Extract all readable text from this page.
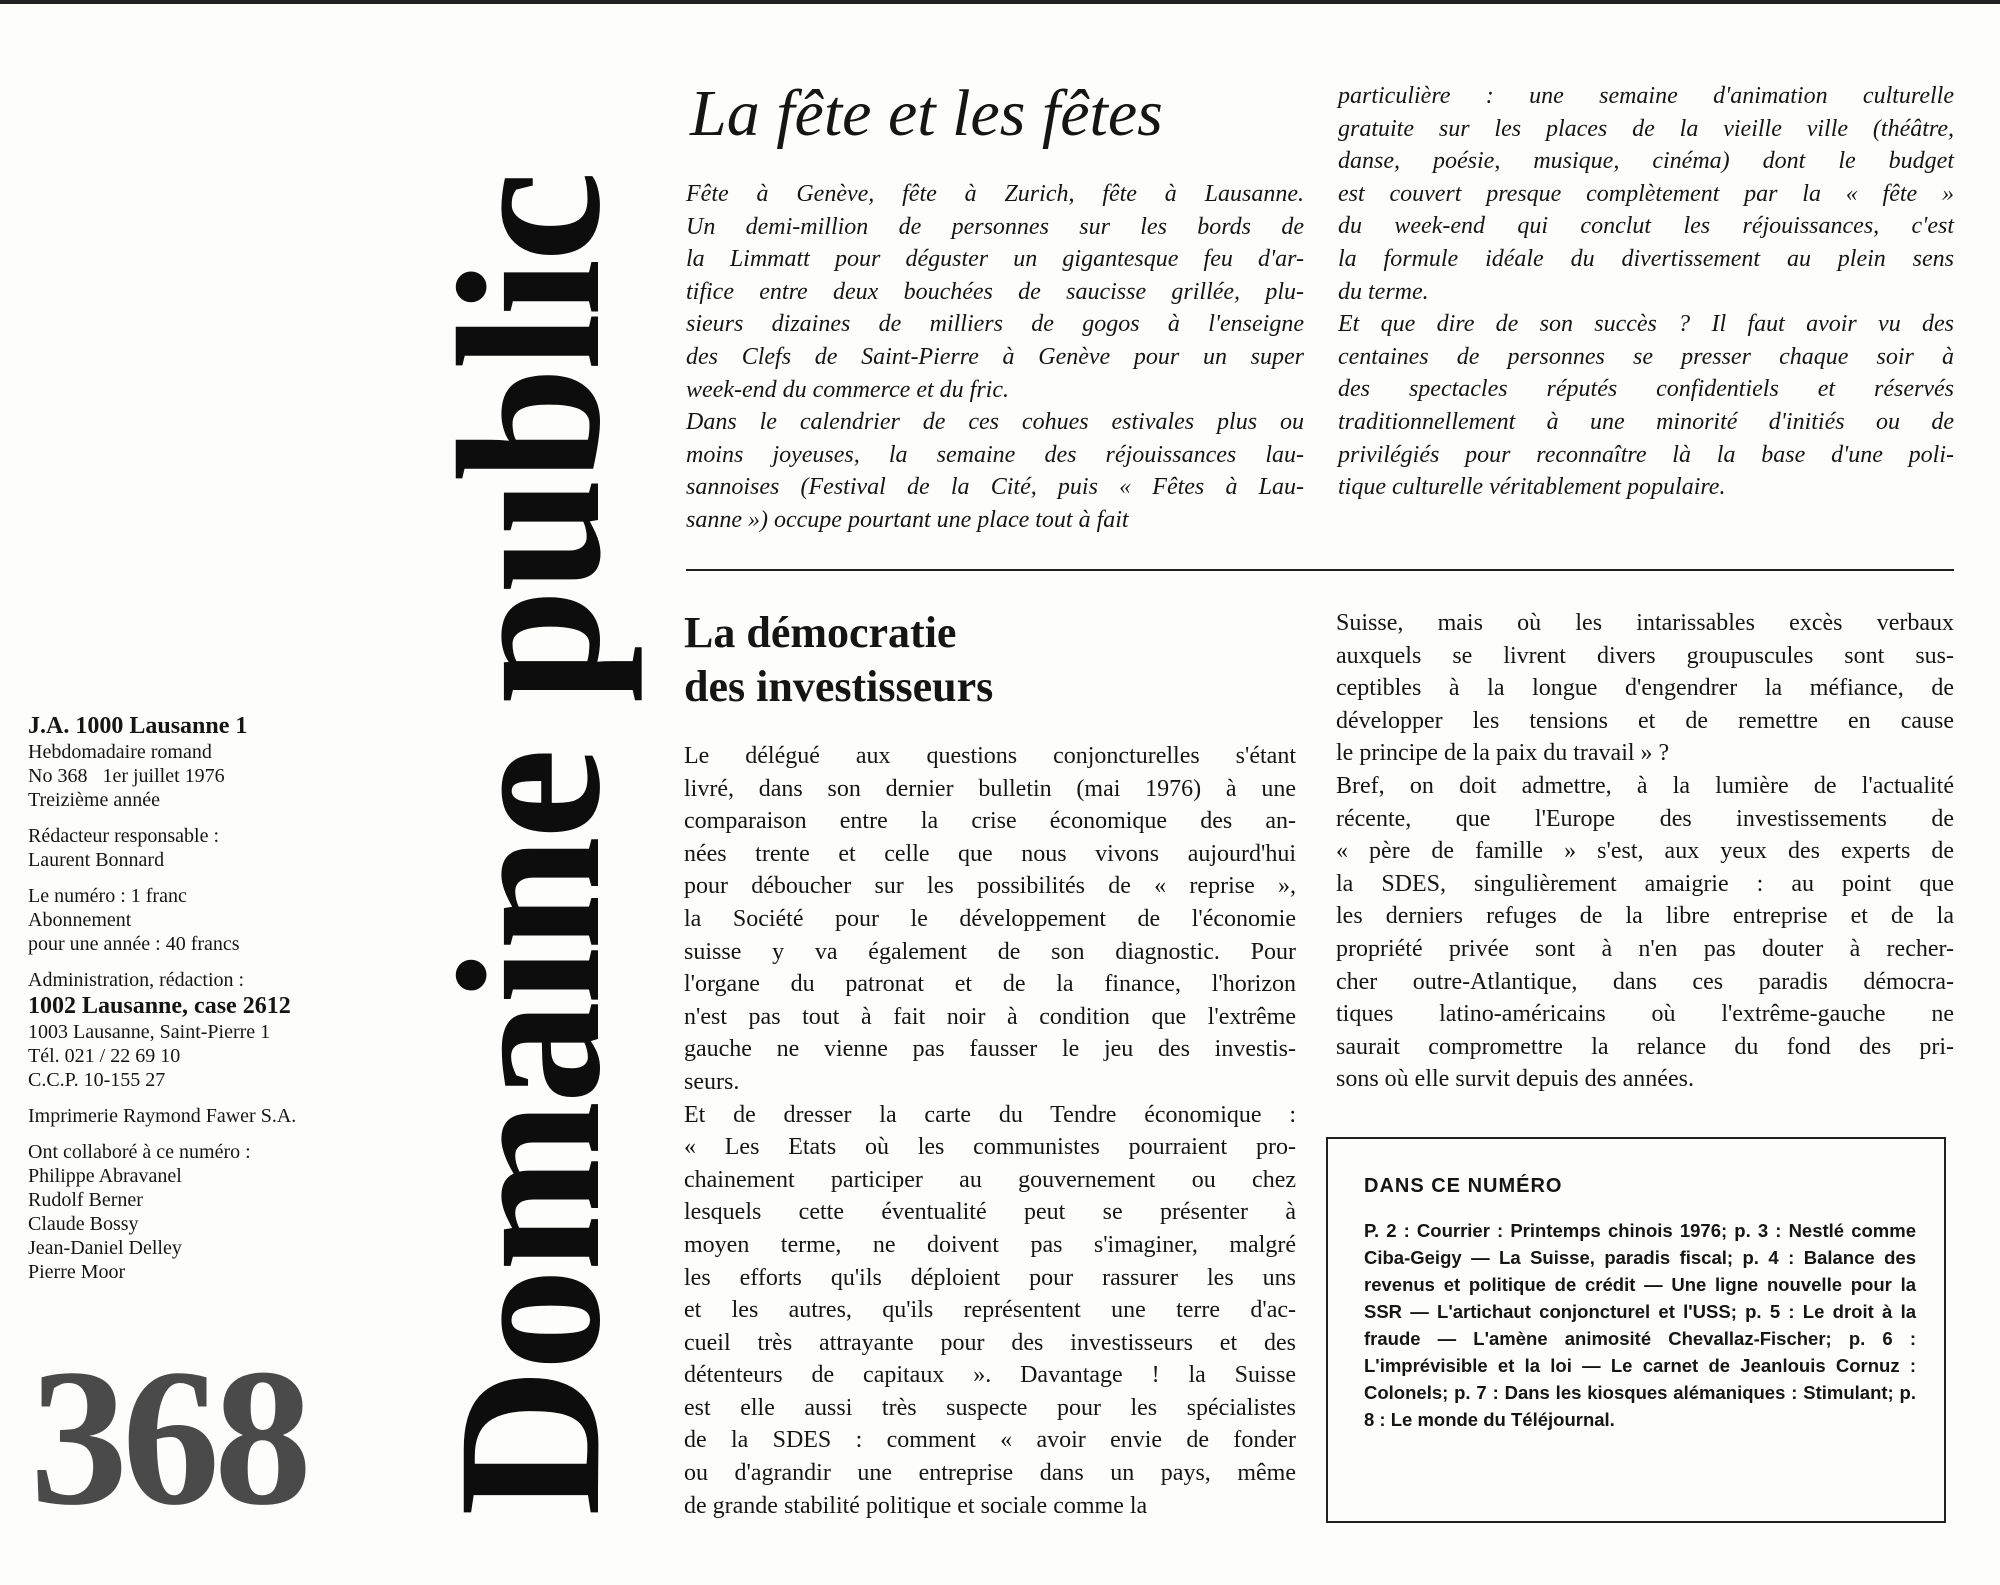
J.A. 1000 Lausanne 1
Hebdomadaire romand
No 368 1er juillet 1976
Treizième année
Rédacteur responsable :
Laurent Bonnard
Le numéro : 1 franc
Abonnement
pour une année : 40 francs
Administration, rédaction :
1002 Lausanne, case 2612
1003 Lausanne, Saint-Pierre 1
Tél. 021 / 22 69 10
C.C.P. 10-155 27
Imprimerie Raymond Fawer S.A.
Ont collaboré à ce numéro :
Philippe Abravanel
Rudolf Berner
Claude Bossy
Jean-Daniel Delley
Pierre Moor
368 Domaine public
La fête et les fêtes
Fête à Genève, fête à Zurich, fête à Lausanne.
Un demi-million de personnes sur les bords de
la Limmatt pour déguster un gigantesque feu d'ar-
tifice entre deux bouchées de saucisse grillée, plu-
sieurs dizaines de milliers de gogos à l'enseigne
des Clefs de Saint-Pierre à Genève pour un super
week-end du commerce et du fric.
Dans le calendrier de ces cohues estivales plus ou
moins joyeuses, la semaine des réjouissances lau-
sannoises (Festival de la Cité, puis « Fêtes à Lau-
sanne ») occupe pourtant une place tout à fait
particulière : une semaine d'animation culturelle
gratuite sur les places de la vieille ville (théâtre,
danse, poésie, musique, cinéma) dont le budget
est couvert presque complètement par la « fête »
du week-end qui conclut les réjouissances, c'est
la formule idéale du divertissement au plein sens
du terme.
Et que dire de son succès ? Il faut avoir vu des
centaines de personnes se presser chaque soir à
des spectacles réputés confidentiels et réservés
traditionnellement à une minorité d'initiés ou de
privilégiés pour reconnaître là la base d'une poli-
tique culturelle véritablement populaire.
La démocratie
des investisseurs
Le délégué aux questions conjoncturelles s'étant
livré, dans son dernier bulletin (mai 1976) à une
comparaison entre la crise économique des an-
nées trente et celle que nous vivons aujourd'hui
pour déboucher sur les possibilités de « reprise »,
la Société pour le développement de l'économie
suisse y va également de son diagnostic. Pour
l'organe du patronat et de la finance, l'horizon
n'est pas tout à fait noir à condition que l'extrême
gauche ne vienne pas fausser le jeu des investis-
seurs.
Et de dresser la carte du Tendre économique :
« Les Etats où les communistes pourraient pro-
chainement participer au gouvernement ou chez
lesquels cette éventualité peut se présenter à
moyen terme, ne doivent pas s'imaginer, malgré
les efforts qu'ils déploient pour rassurer les uns
et les autres, qu'ils représentent une terre d'ac-
cueil très attrayante pour des investisseurs et des
détenteurs de capitaux ». Davantage ! la Suisse
est elle aussi très suspecte pour les spécialistes
de la SDES : comment « avoir envie de fonder
ou d'agrandir une entreprise dans un pays, même
de grande stabilité politique et sociale comme la
Suisse, mais où les intarissables excès verbaux
auxquels se livrent divers groupuscules sont sus-
ceptibles à la longue d'engendrer la méfiance, de
développer les tensions et de remettre en cause
le principe de la paix du travail » ?
Bref, on doit admettre, à la lumière de l'actualité
récente, que l'Europe des investissements de
« père de famille » s'est, aux yeux des experts de
la SDES, singulièrement amaigrie : au point que
les derniers refuges de la libre entreprise et de la
propriété privée sont à n'en pas douter à recher-
cher outre-Atlantique, dans ces paradis démocra-
tiques latino-américains où l'extrême-gauche ne
saurait compromettre la relance du fond des pri-
sons où elle survit depuis des années.
DANS CE NUMÉRO
P. 2 : Courrier : Printemps chinois 1976; p. 3 : Nestlé comme Ciba-Geigy — La Suisse, paradis fiscal; p. 4 : Balance des revenus et politique de crédit — Une ligne nouvelle pour la SSR — L'artichaut conjoncturel et l'USS; p. 5 : Le droit à la fraude — L'amène animosité Chevallaz-Fischer; p. 6 : L'imprévisible et la loi — Le carnet de Jeanlouis Cornuz : Colonels; p. 7 : Dans les kiosques alémaniques : Stimulant; p. 8 : Le monde du Téléjournal.
